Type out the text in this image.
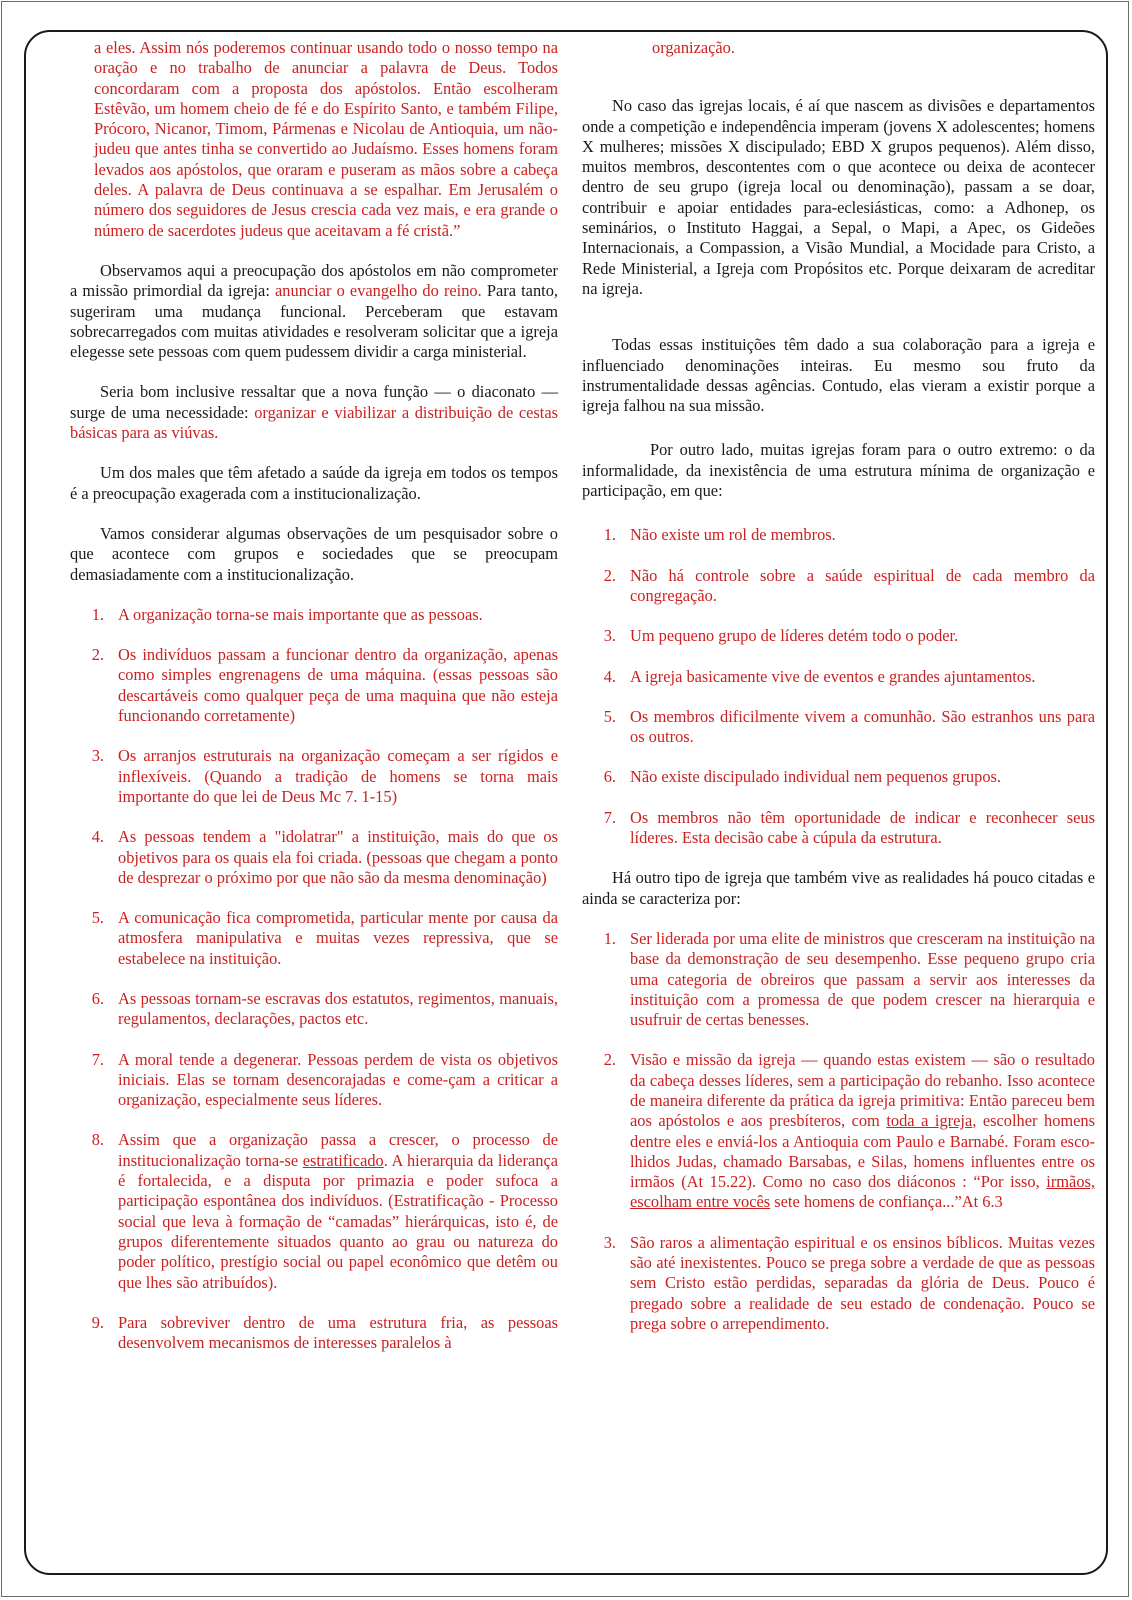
a eles. Assim nós poderemos continuar usando todo o nosso tempo na oração e no trabalho de anunciar a palavra de Deus. Todos concordaram com a proposta dos apóstolos. Então escolheram Estêvão, um homem cheio de fé e do Espírito Santo, e também Filipe, Prócoro, Nicanor, Timom, Pármenas e Nicolau de Antioquia, um não-judeu que antes tinha se convertido ao Judaísmo. Esses homens foram levados aos apóstolos, que oraram e puseram as mãos sobre a cabeça deles. A palavra de Deus continuava a se espalhar. Em Jerusalém o número dos seguidores de Jesus crescia cada vez mais, e era grande o número de sacerdotes judeus que aceitavam a fé cristã.”

Observamos aqui a preocupação dos apóstolos em não comprometer a missão primordial da igreja: anunciar o evangelho do reino. Para tanto, sugeriram uma mudança funcional. Perceberam que estavam sobrecarregados com muitas atividades e resolveram solicitar que a igreja elegesse sete pessoas com quem pudessem dividir a carga ministerial.

Seria bom inclusive ressaltar que a nova função — o diaconato — surge de uma necessidade: organizar e viabilizar a distribuição de cestas básicas para as viúvas.

Um dos males que têm afetado a saúde da igreja em todos os tempos é a preocupação exagerada com a institucionalização.

Vamos considerar algumas observações de um pesquisador sobre o que acontece com grupos e sociedades que se preocupam demasiadamente com a institucionalização.

1. A organização torna-se mais importante que as pessoas.
2. Os indivíduos passam a funcionar dentro da organização, apenas como simples engrenagens de uma máquina. (essas pessoas são descartáveis como qualquer peça de uma maquina que não esteja funcionando corretamente)
3. Os arranjos estruturais na organização começam a ser rígidos e inflexíveis. (Quando a tradição de homens se torna mais importante do que lei de Deus Mc 7. 1-15)
4. As pessoas tendem a "idolatrar" a instituição, mais do que os objetivos para os quais ela foi criada. (pessoas que chegam a ponto de desprezar o próximo por que não são da mesma denominação)
5. A comunicação fica comprometida, particular mente por causa da atmosfera manipulativa e muitas vezes repressiva, que se estabelece na instituição.
6. As pessoas tornam-se escravas dos estatutos, regimentos, manuais, regulamentos, declarações, pactos etc.
7. A moral tende a degenerar. Pessoas perdem de vista os objetivos iniciais. Elas se tornam desencorajadas e come-çam a criticar a organização, especialmente seus líderes.
8. Assim que a organização passa a crescer, o processo de institucionalização torna-se estratificado. A hierarquia da liderança é fortalecida, e a disputa por primazia e poder sufoca a participação espontânea dos indivíduos. (Estratificação - Processo social que leva à formação de “camadas” hierárquicas, isto é, de grupos diferentemente situados quanto ao grau ou natureza do poder político, prestígio social ou papel econômico que detêm ou que lhes são atribuídos).
9. Para sobreviver dentro de uma estrutura fria, as pessoas desenvolvem mecanismos de interesses paralelos à

organização.

No caso das igrejas locais, é aí que nascem as divisões e departamentos onde a competição e independência imperam (jovens X adolescentes; homens X mulheres; missões X discipulado; EBD X grupos pequenos). Além disso, muitos membros, descontentes com o que acontece ou deixa de acontecer dentro de seu grupo (igreja local ou denominação), passam a se doar, contribuir e apoiar entidades para-eclesiásticas, como: a Adhonep, os seminários, o Instituto Haggai, a Sepal, o Mapi, a Apec, os Gideões Internacionais, a Compassion, a Visão Mundial, a Mocidade para Cristo, a Rede Ministerial, a Igreja com Propósitos etc. Porque deixaram de acreditar na igreja.

Todas essas instituições têm dado a sua colaboração para a igreja e influenciado denominações inteiras. Eu mesmo sou fruto da instrumentalidade dessas agências. Contudo, elas vieram a existir porque a igreja falhou na sua missão.

Por outro lado, muitas igrejas foram para o outro extremo: o da informalidade, da inexistência de uma estrutura mínima de organização e participação, em que:

1. Não existe um rol de membros.
2. Não há controle sobre a saúde espiritual de cada membro da congregação.
3. Um pequeno grupo de líderes detém todo o poder.
4. A igreja basicamente vive de eventos e grandes ajuntamentos.
5. Os membros dificilmente vivem a comunhão. São estranhos uns para os outros.
6. Não existe discipulado individual nem pequenos grupos.
7. Os membros não têm oportunidade de indicar e reconhecer seus líderes. Esta decisão cabe à cúpula da estrutura.

Há outro tipo de igreja que também vive as realidades há pouco citadas e ainda se caracteriza por:

1. Ser liderada por uma elite de ministros que cresceram na instituição na base da demonstração de seu desempenho. Esse pequeno grupo cria uma categoria de obreiros que passam a servir aos interesses da instituição com a promessa de que podem crescer na hierarquia e usufruir de certas benesses.
2. Visão e missão da igreja — quando estas existem — são o resultado da cabeça desses líderes, sem a participação do rebanho. Isso acontece de maneira diferente da prática da igreja primitiva: Então pareceu bem aos apóstolos e aos presbíteros, com toda a igreja, escolher homens dentre eles e enviá-los a Antioquia com Paulo e Barnabé. Foram esco-lhidos Judas, chamado Barsabas, e Silas, homens influentes entre os irmãos (At 15.22). Como no caso dos diáconos : “Por isso, irmãos, escolham entre vocês sete homens de confiança...”At 6.3
3. São raros a alimentação espiritual e os ensinos bíblicos. Muitas vezes são até inexistentes. Pouco se prega sobre a verdade de que as pessoas sem Cristo estão perdidas, separadas da glória de Deus. Pouco é pregado sobre a realidade de seu estado de condenação. Pouco se prega sobre o arrependimento.
